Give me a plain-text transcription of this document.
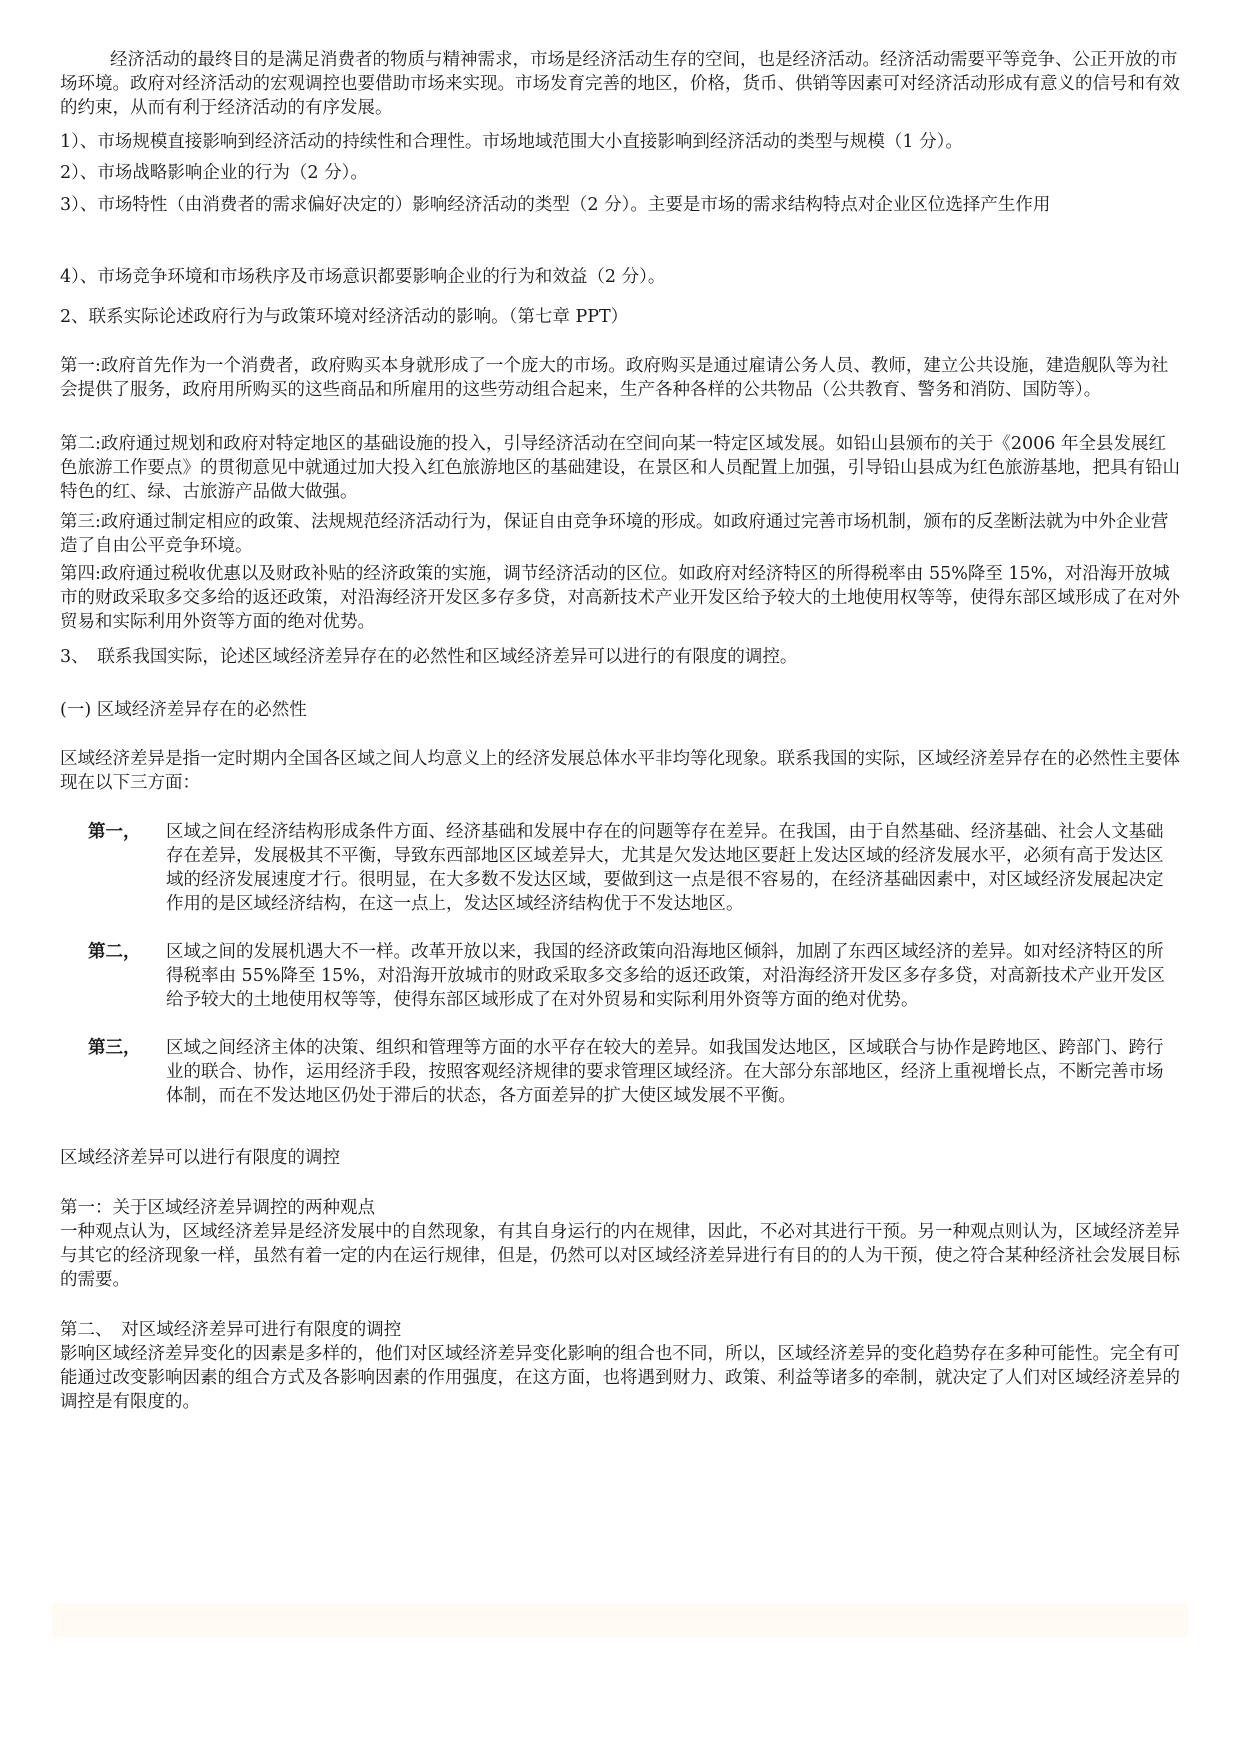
经济活动的最终目的是满足消费者的物质与精神需求，市场是经济活动生存的空间，也是经济活动。经济活动需要平等竞争、公正开放的市场环境。政府对经济活动的宏观调控也要借助市场来实现。市场发育完善的地区，价格，货币、供销等因素可对经济活动形成有意义的信号和有效的约束，从而有利于经济活动的有序发展。

1）、市场规模直接影响到经济活动的持续性和合理性。市场地域范围大小直接影响到经济活动的类型与规模（1 分）。

2）、市场战略影响企业的行为（2 分）。

3）、市场特性（由消费者的需求偏好决定的）影响经济活动的类型（2 分）。主要是市场的需求结构特点对企业区位选择产生作用

4）、市场竞争环境和市场秩序及市场意识都要影响企业的行为和效益（2 分）。

2、联系实际论述政府行为与政策环境对经济活动的影响。（第七章 PPT）

第一:政府首先作为一个消费者，政府购买本身就形成了一个庞大的市场。政府购买是通过雇请公务人员、教师，建立公共设施，建造舰队等为社会提供了服务，政府用所购买的这些商品和所雇用的这些劳动组合起来，生产各种各样的公共物品（公共教育、警务和消防、国防等）。

第二:政府通过规划和政府对特定地区的基础设施的投入，引导经济活动在空间向某一特定区域发展。如铅山县颁布的关于《2006 年全县发展红色旅游工作要点》的贯彻意见中就通过加大投入红色旅游地区的基础建设，在景区和人员配置上加强，引导铅山县成为红色旅游基地，把具有铅山特色的红、绿、古旅游产品做大做强。

第三:政府通过制定相应的政策、法规规范经济活动行为，保证自由竞争环境的形成。如政府通过完善市场机制，颁布的反垄断法就为中外企业营造了自由公平竞争环境。

第四:政府通过税收优惠以及财政补贴的经济政策的实施，调节经济活动的区位。如政府对经济特区的所得税率由 55%降至 15%，对沿海开放城市的财政采取多交多给的返还政策，对沿海经济开发区多存多贷，对高新技术产业开发区给予较大的土地使用权等等，使得东部区域形成了在对外贸易和实际利用外资等方面的绝对优势。

3、　联系我国实际，论述区域经济差异存在的必然性和区域经济差异可以进行的有限度的调控。

(一) 区域经济差异存在的必然性

区域经济差异是指一定时期内全国各区域之间人均意义上的经济发展总体水平非均等化现象。联系我国的实际，区域经济差异存在的必然性主要体现在以下三方面：

第一， 区域之间在经济结构形成条件方面、经济基础和发展中存在的问题等存在差异。在我国，由于自然基础、经济基础、社会人文基础存在差异，发展极其不平衡，导致东西部地区区域差异大，尤其是欠发达地区要赶上发达区域的经济发展水平，必须有高于发达区域的经济发展速度才行。很明显，在大多数不发达区域，要做到这一点是很不容易的，在经济基础因素中，对区域经济发展起决定作用的是区域经济结构，在这一点上，发达区域经济结构优于不发达地区。

第二， 区域之间的发展机遇大不一样。改革开放以来，我国的经济政策向沿海地区倾斜，加剧了东西区域经济的差异。如对经济特区的所得税率由 55%降至 15%，对沿海开放城市的财政采取多交多给的返还政策，对沿海经济开发区多存多贷，对高新技术产业开发区给予较大的土地使用权等等，使得东部区域形成了在对外贸易和实际利用外资等方面的绝对优势。

第三， 区域之间经济主体的决策、组织和管理等方面的水平存在较大的差异。如我国发达地区，区域联合与协作是跨地区、跨部门、跨行业的联合、协作，运用经济手段，按照客观经济规律的要求管理区域经济。在大部分东部地区，经济上重视增长点，不断完善市场体制，而在不发达地区仍处于滞后的状态，各方面差异的扩大使区域发展不平衡。

区域经济差异可以进行有限度的调控

第一：关于区域经济差异调控的两种观点

一种观点认为，区域经济差异是经济发展中的自然现象，有其自身运行的内在规律，因此，不必对其进行干预。另一种观点则认为，区域经济差异与其它的经济现象一样，虽然有着一定的内在运行规律，但是，仍然可以对区域经济差异进行有目的的人为干预，使之符合某种经济社会发展目标的需要。

第二、　对区域经济差异可进行有限度的调控

影响区域经济差异变化的因素是多样的，他们对区域经济差异变化影响的组合也不同，所以，区域经济差异的变化趋势存在多种可能性。完全有可能通过改变影响因素的组合方式及各影响因素的作用强度，在这方面，也将遇到财力、政策、利益等诸多的牵制，就决定了人们对区域经济差异的调控是有限度的。
